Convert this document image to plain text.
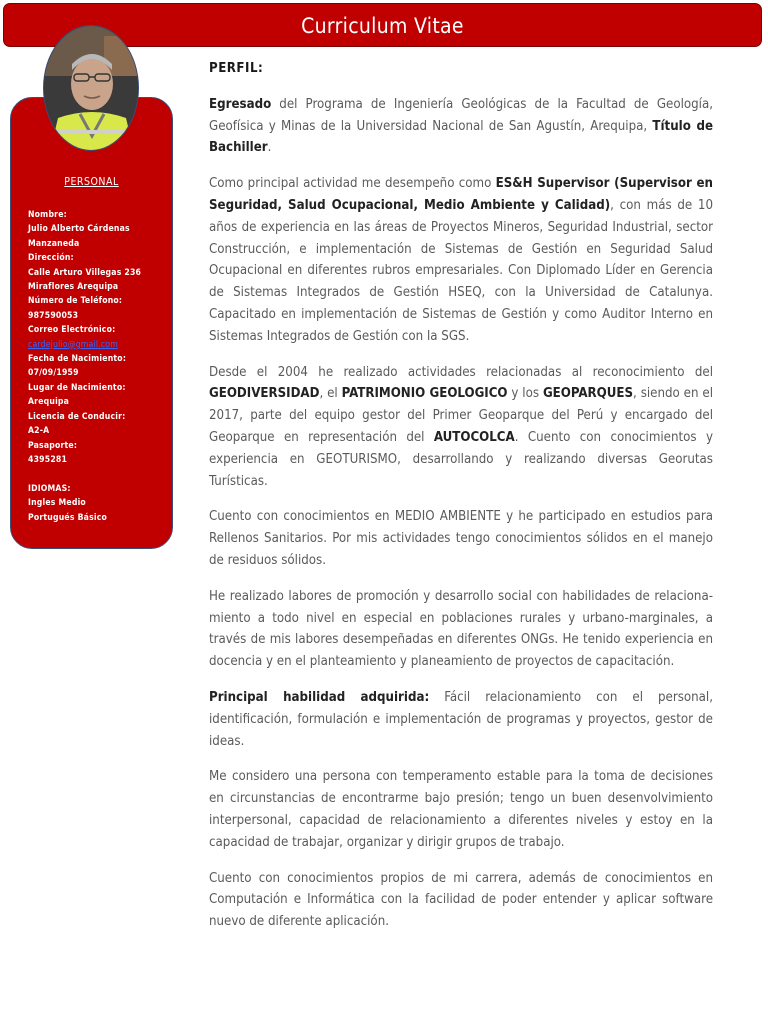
Curriculum Vitae
PERSONAL
Nombre:
Julio Alberto Cárdenas
Manzaneda
Dirección:
Calle Arturo Villegas 236
Miraflores Arequipa
Número de Teléfono:
987590053
Correo Electrónico:
cardejulio@gmail.com
Fecha de Nacimiento:
07/09/1959
Lugar de Nacimiento:
Arequipa
Licencia de Conducir:
A2-A
Pasaporte:
4395281
IDIOMAS:
Ingles Medio
Portugués Básico
PERFIL:

Egresado del Programa de Ingeniería Geológicas de la Facultad de Geología, Geofísica y Minas de la Universidad Nacional de San Agustín, Arequipa, Título de Bachiller.

Como principal actividad me desempeño como ES&H Supervisor (Supervisor en Seguridad, Salud Ocupacional, Medio Ambiente y Calidad), con más de 10 años de experiencia en las áreas de Proyectos Mineros, Seguridad Industrial, sector Construcción, e implementación de Sistemas de Gestión en Seguridad Salud Ocupacional en diferentes rubros empresariales. Con Diplomado Líder en Gerencia de Sistemas Integrados de Gestión HSEQ, con la Universidad de Catalunya. Capacitado en implementación de Sistemas de Gestión y como Auditor Interno en Sistemas Integrados de Gestión con la SGS.

Desde el 2004 he realizado actividades relacionadas al reconocimiento del GEODIVERSIDAD, el PATRIMONIO GEOLOGICO y los GEOPARQUES, siendo en el 2017, parte del equipo gestor del Primer Geoparque del Perú y encargado del Geoparque en representación del AUTOCOLCA. Cuento con conocimientos y experiencia en GEOTURISMO, desarrollando y realizando diversas Georutas Turísticas.

Cuento con conocimientos en MEDIO AMBIENTE y he participado en estudios para Rellenos Sanitarios. Por mis actividades tengo conocimientos sólidos en el manejo de residuos sólidos.

He realizado labores de promoción y desarrollo social con habilidades de relaciona-miento a todo nivel en especial en poblaciones rurales y urbano-marginales, a través de mis labores desempeñadas en diferentes ONGs. He tenido experiencia en docencia y en el planteamiento y planeamiento de proyectos de capacitación.

Principal habilidad adquirida: Fácil relacionamiento con el personal, identificación, formulación e implementación de programas y proyectos, gestor de ideas.

Me considero una persona con temperamento estable para la toma de decisiones en circunstancias de encontrarme bajo presión; tengo un buen desenvolvimiento interpersonal, capacidad de relacionamiento a diferentes niveles y estoy en la capacidad de trabajar, organizar y dirigir grupos de trabajo.

Cuento con conocimientos propios de mi carrera, además de conocimientos en Computación e Informática con la facilidad de poder entender y aplicar software nuevo de diferente aplicación.
